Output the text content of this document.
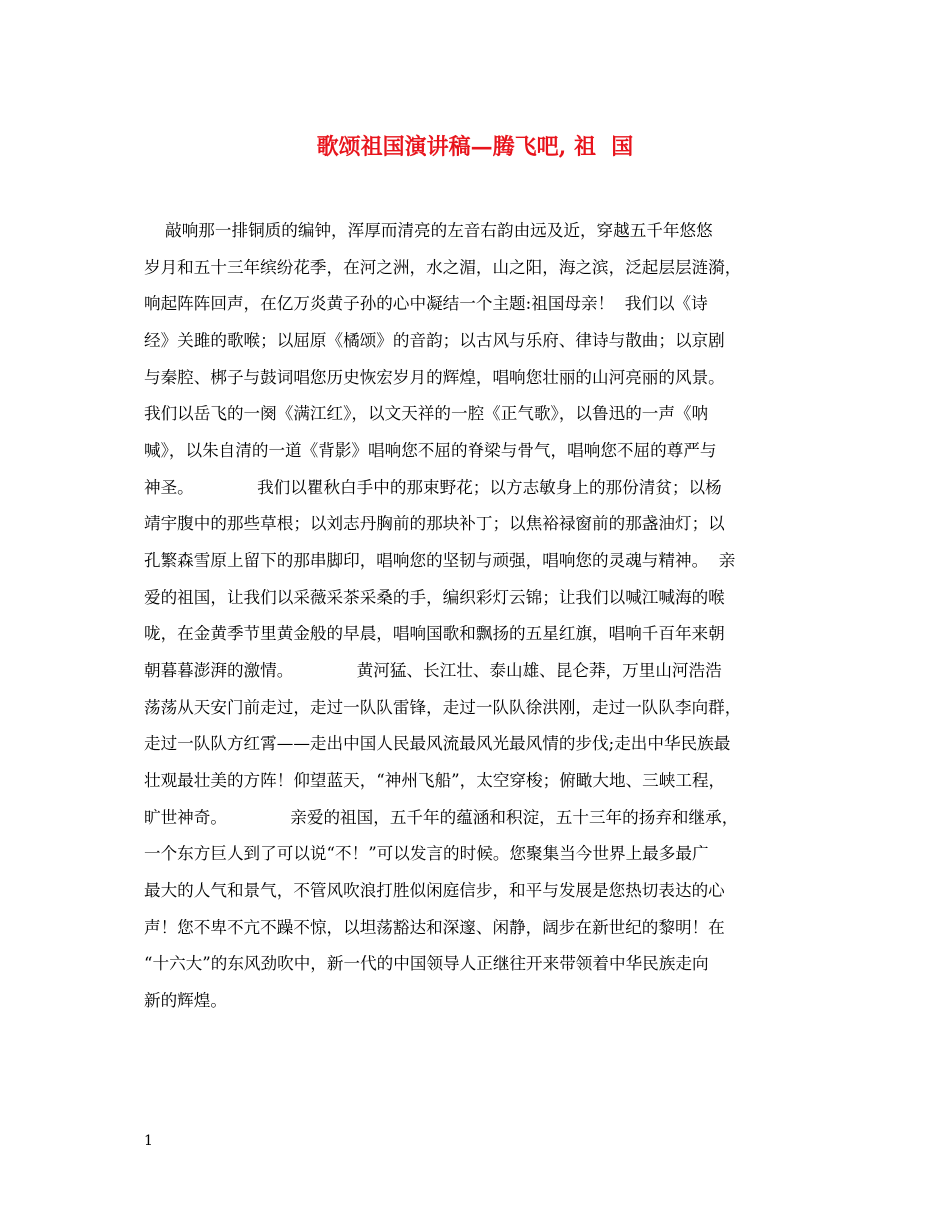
歌颂祖国演讲稿—腾飞吧, 祖  国
敲响那一排铜质的编钟，浑厚而清亮的左音右韵由远及近，穿越五千年悠悠
岁月和五十三年缤纷花季，在河之洲，水之湄，山之阳，海之滨，泛起层层涟漪，
响起阵阵回声，在亿万炎黄子孙的心中凝结一个主题:祖国母亲！  我们以《诗
经》关雎的歌喉；以屈原《橘颂》的音韵；以古风与乐府、律诗与散曲；以京剧
与秦腔、梆子与鼓词唱您历史恢宏岁月的辉煌，唱响您壮丽的山河亮丽的风景。
我们以岳飞的一阕《满江红》，以文天祥的一腔《正气歌》，以鲁迅的一声《呐
喊》，以朱自清的一道《背影》唱响您不屈的脊梁与骨气，唱响您不屈的尊严与
神圣。            我们以瞿秋白手中的那束野花；以方志敏身上的那份清贫；以杨
靖宇腹中的那些草根；以刘志丹胸前的那块补丁；以焦裕禄窗前的那盏油灯；以
孔繁森雪原上留下的那串脚印，唱响您的坚韧与顽强，唱响您的灵魂与精神。  亲
爱的祖国，让我们以采薇采茶采桑的手，编织彩灯云锦；让我们以喊江喊海的喉
咙，在金黄季节里黄金般的早晨，唱响国歌和飘扬的五星红旗，唱响千百年来朝
朝暮暮澎湃的激情。            黄河猛、长江壮、泰山雄、昆仑莽，万里山河浩浩
荡荡从天安门前走过，走过一队队雷锋，走过一队队徐洪刚，走过一队队李向群，
走过一队队方红霄——走出中国人民最风流最风光最风情的步伐;走出中华民族最
壮观最壮美的方阵！仰望蓝天，“神州飞船”，太空穿梭；俯瞰大地、三峡工程，
旷世神奇。            亲爱的祖国，五千年的蕴涵和积淀，五十三年的扬弃和继承，
一个东方巨人到了可以说“不！”可以发言的时候。您聚集当今世界上最多最广
最大的人气和景气，不管风吹浪打胜似闲庭信步，和平与发展是您热切表达的心
声！您不卑不亢不躁不惊，以坦荡豁达和深邃、闲静，阔步在新世纪的黎明！在
“十六大”的东风劲吹中，新一代的中国领导人正继往开来带领着中华民族走向
新的辉煌。
1
